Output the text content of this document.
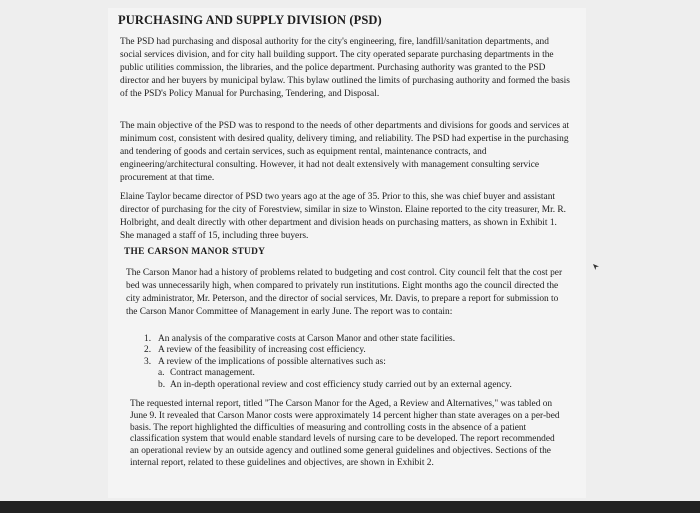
PURCHASING AND SUPPLY DIVISION (PSD)

The PSD had purchasing and disposal authority for the city's engineering, fire, landfill/sanitation departments, and social services division, and for city hall building support. The city operated separate purchasing departments in the public utilities commission, the libraries, and the police department. Purchasing authority was granted to the PSD director and her buyers by municipal bylaw. This bylaw outlined the limits of purchasing authority and formed the basis of the PSD's Policy Manual for Purchasing, Tendering, and Disposal.

The main objective of the PSD was to respond to the needs of other departments and divisions for goods and services at minimum cost, consistent with desired quality, delivery timing, and reliability. The PSD had expertise in the purchasing and tendering of goods and certain services, such as equipment rental, maintenance contracts, and engineering/architectural consulting. However, it had not dealt extensively with management consulting service procurement at that time.

Elaine Taylor became director of PSD two years ago at the age of 35. Prior to this, she was chief buyer and assistant director of purchasing for the city of Forestview, similar in size to Winston. Elaine reported to the city treasurer, Mr. R. Holbright, and dealt directly with other department and division heads on purchasing matters, as shown in Exhibit 1. She managed a staff of 15, including three buyers.

THE CARSON MANOR STUDY

The Carson Manor had a history of problems related to budgeting and cost control. City council felt that the cost per bed was unnecessarily high, when compared to privately run institutions. Eight months ago the council directed the city administrator, Mr. Peterson, and the director of social services, Mr. Davis, to prepare a report for submission to the Carson Manor Committee of Management in early June. The report was to contain:

1. An analysis of the comparative costs at Carson Manor and other state facilities.
2. A review of the feasibility of increasing cost efficiency.
3. A review of the implications of possible alternatives such as:
a. Contract management.
b. An in-depth operational review and cost efficiency study carried out by an external agency.

The requested internal report, titled "The Carson Manor for the Aged, a Review and Alternatives," was tabled on June 9. It revealed that Carson Manor costs were approximately 14 percent higher than state averages on a per-bed basis. The report highlighted the difficulties of measuring and controlling costs in the absence of a patient classification system that would enable standard levels of nursing care to be developed. The report recommended an operational review by an outside agency and outlined some general guidelines and objectives. Sections of the internal report, related to these guidelines and objectives, are shown in Exhibit 2.
